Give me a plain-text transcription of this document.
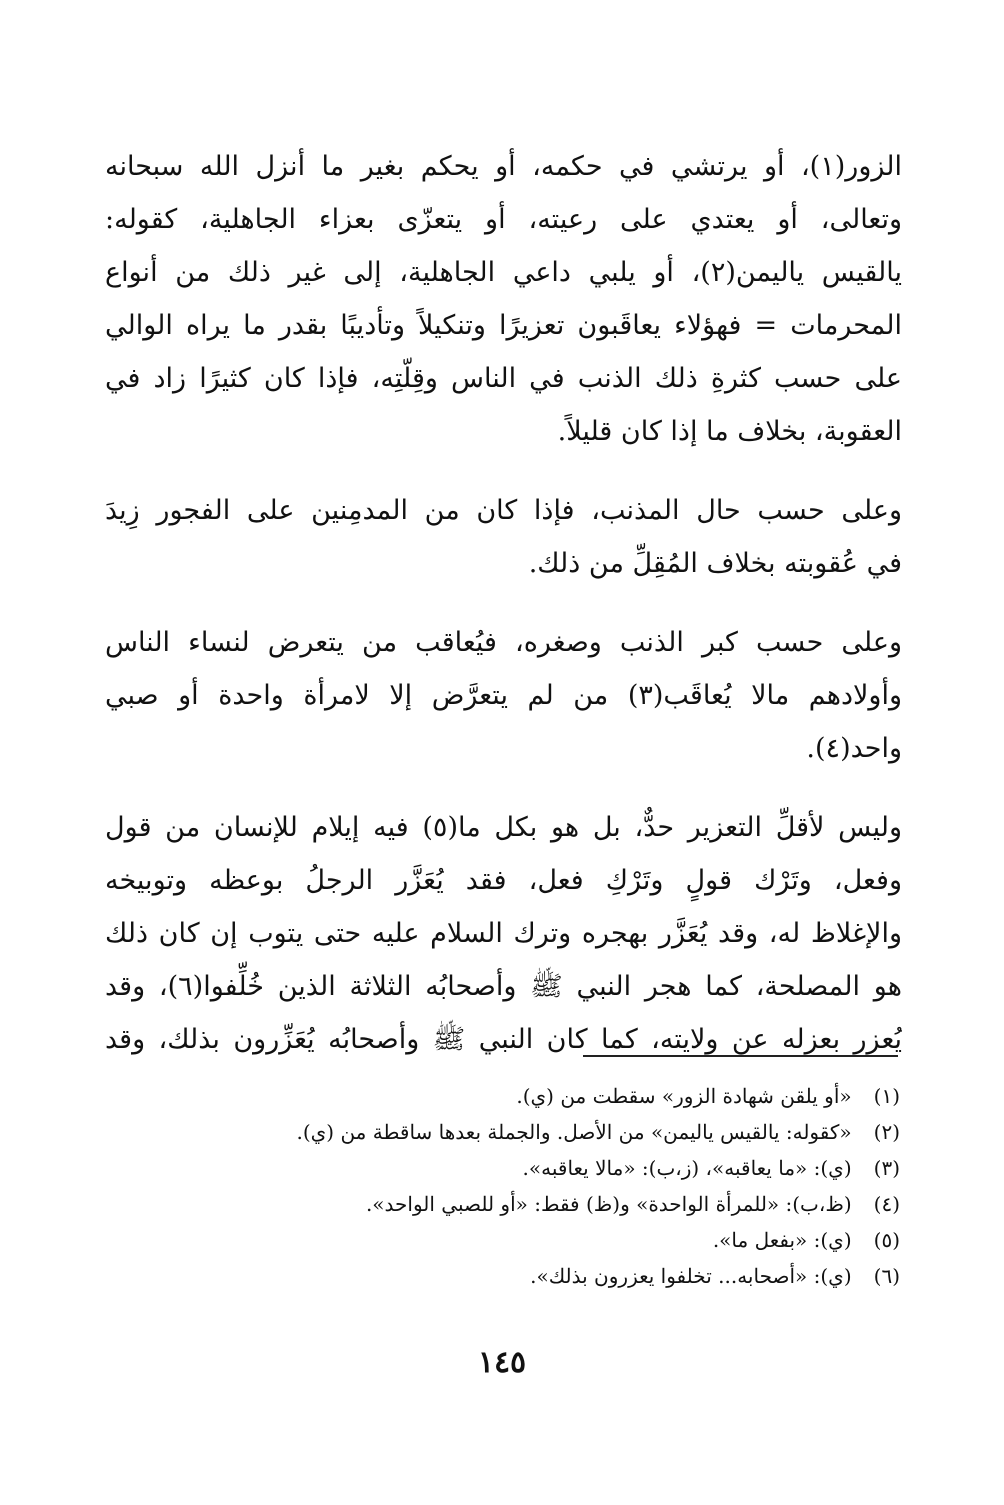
الزور(١)، أو يرتشي في حكمه، أو يحكم بغير ما أنزل الله سبحانه
وتعالى، أو يعتدي على رعيته، أو يتعزّى بعزاء الجاهلية، كقوله:
يالقيس ياليمن(٢)، أو يلبي داعي الجاهلية، إلى غير ذلك من أنواع
المحرمات = فهؤلاء يعاقَبون تعزيرًا وتنكيلاً وتأديبًا بقدر ما يراه الوالي
على حسب كثرةِ ذلك الذنب في الناس وقِلّتِه، فإذا كان كثيرًا زاد في
العقوبة، بخلاف ما إذا كان قليلاً.
وعلى حسب حال المذنب، فإذا كان من المدمِنين على الفجور زِيدَ
في عُقوبته بخلاف المُقِلِّ من ذلك.
وعلى حسب كبر الذنب وصغره، فيُعاقب من يتعرض لنساء الناس
وأولادهم مالا يُعاقَب(٣) من لم يتعرَّض إلا لامرأة واحدة أو صبي
واحد(٤).
وليس لأقلِّ التعزير حدٌّ، بل هو بكل ما(٥) فيه إيلام للإنسان من قول
وفعل، وتَرْك قولٍ وتَرْكِ فعل، فقد يُعَزَّر الرجلُ بوعظه وتوبيخه
والإغلاظ له، وقد يُعَزَّر بهجره وترك السلام عليه حتى يتوب إن كان ذلك
هو المصلحة، كما هجر النبي ﷺ وأصحابُه الثلاثة الذين خُلِّفوا(٦)، وقد
يُعزر بعزله عن ولايته، كما كان النبي ﷺ وأصحابُه يُعَزِّرون بذلك، وقد
(١) «أو يلقن شهادة الزور» سقطت من (ي).
(٢) «كقوله: يالقيس ياليمن» من الأصل. والجملة بعدها ساقطة من (ي).
(٣) (ي): «ما يعاقبه»، (ز،ب): «مالا يعاقبه».
(٤) (ظ،ب): «للمرأة الواحدة» و(ظ) فقط: «أو للصبي الواحد».
(٥) (ي): «بفعل ما».
(٦) (ي): «أصحابه... تخلفوا يعزرون بذلك».
١٤٥
